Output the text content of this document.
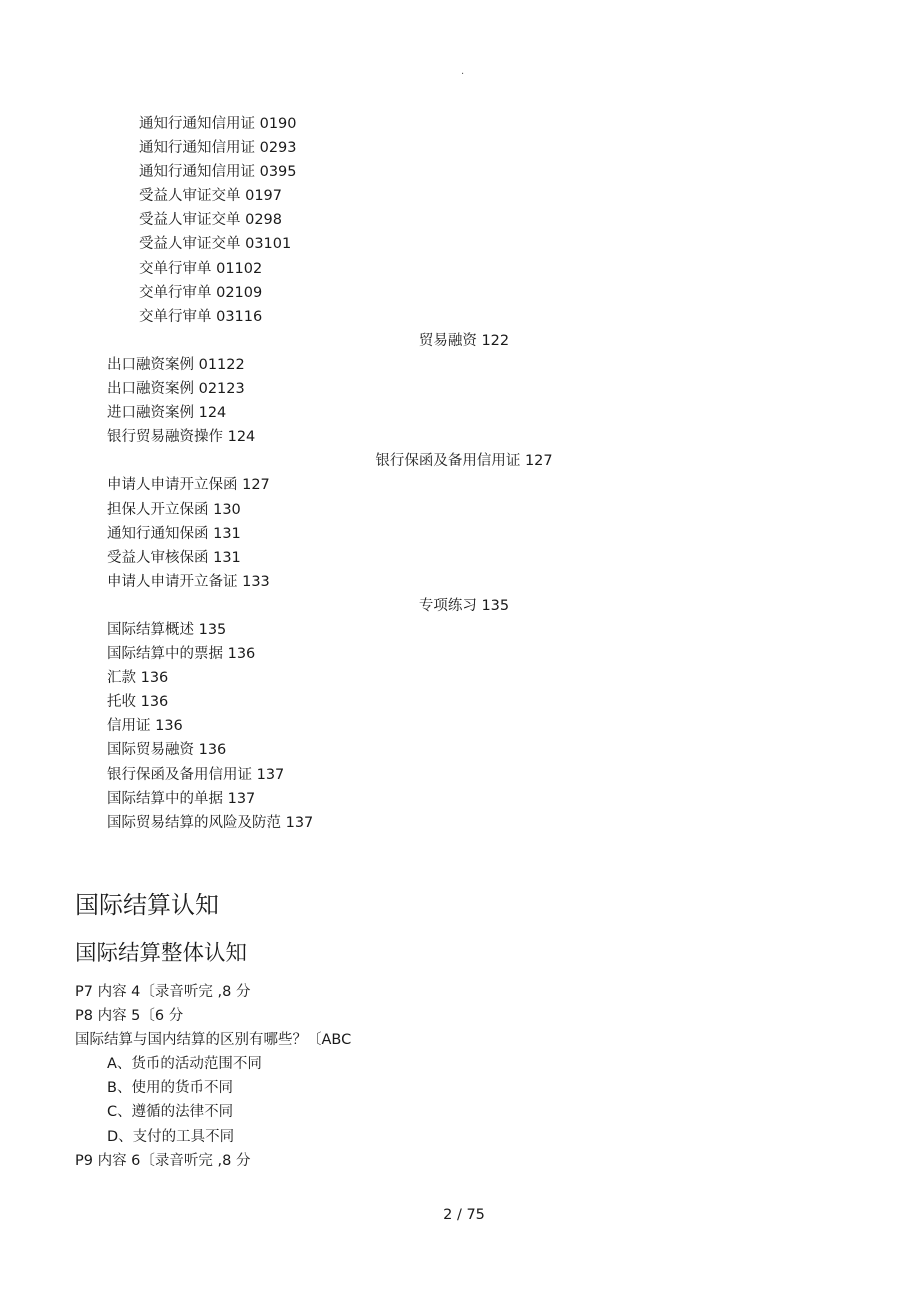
.
通知行通知信用证 0190
通知行通知信用证 0293
通知行通知信用证 0395
受益人审证交单 0197
受益人审证交单 0298
受益人审证交单 03101
交单行审单 01102
交单行审单 02109
交单行审单 03116
贸易融资 122
出口融资案例 01122
出口融资案例 02123
进口融资案例 124
银行贸易融资操作 124
银行保函及备用信用证 127
申请人申请开立保函 127
担保人开立保函 130
通知行通知保函 131
受益人审核保函 131
申请人申请开立备证 133
专项练习 135
国际结算概述 135
国际结算中的票据 136
汇款 136
托收 136
信用证 136
国际贸易融资 136
银行保函及备用信用证 137
国际结算中的单据 137
国际贸易结算的风险及防范 137
国际结算认知
国际结算整体认知
P7 内容 4〔录音听完 ,8 分
P8 内容 5〔6 分
国际结算与国内结算的区别有哪些？〔ABC
A、货币的活动范围不同
B、使用的货币不同
C、遵循的法律不同
D、支付的工具不同
P9 内容 6〔录音听完 ,8 分
2 / 75
